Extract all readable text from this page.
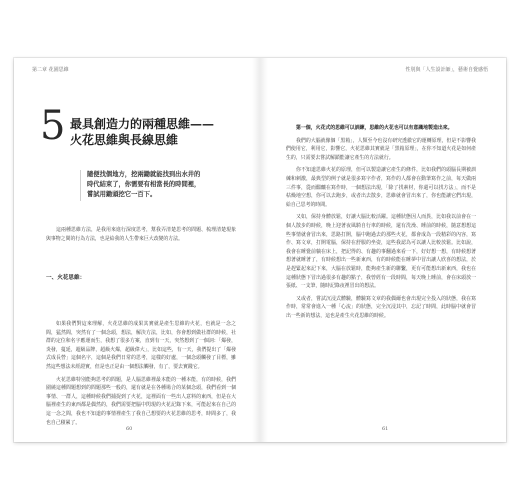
第二章 花園思維
5 最具創造力的兩種思維——
火花思維與長線思維
隨便找個地方，挖兩鋤就能找到出水井的
時代結束了，你需要有相當長的時間裡，
嘗試用鋤頭挖它一百下。

這兩種思維方法，是我用來進行深度思考，幫我弄清楚思考的問題、梳理清楚現象與事物之間的行為方法，也是給我的人生帶來巨大改變的方法。

一、火花思維：

如果我們對這來理解，火花思維的成果其實就是產生思維的火花，也就是一念之間，猛然間，突然有了一個念頭，想法，解決方法，比如，你會想到做社群的時候，社群的定位和名字應運而生，我想了很多方案，直到有一天，突然想到了一個詞：「爆發，炎發，蔓延，超級品牌，超級火爆，超級偉大」，比如這些，有一天，我們提出了「爆發式成長營」這個名字，這個是我們日常的思考，這樣的好處，一個念頭觸發了目標，雖然這些想法未經證實，但是也正是由一個想法觸發，有了，要去實踐它。

火花思維特別能夠思考的問題，是人腦思維裡最本能的一種本能，有的時候，我們圍繞這種問題想到的問題那些一般的，還有就是在各種場合的某個念頭，我們看到一個事情、一群人，這種時候我們捕捉到了火花，這裡面有一些出人意料的東西，但是在大腦裡產生的東西都是偶然的，我們需要把腦中閃現的火花記錄下來，可能起來在自己的這一念之間，我也不知道的事情裡產生了我自己想要的火花思維的思考，時間多了，我也自己積累了。

60
性別與「人生設計師」，藝術自覺感悟

第一個，火花式的思維可以訓練，思維的火花也可以有意識地製造出來。

我們的大腦就像個「黑箱」，人類至今也沒有研究透徹它的運轉原理，但是不影響我們使用它，利用它，影響它，火花思維其實就是「黑箱原理」，在你不知道火花是如何產生的，只需要去嘗試解鎖能讓它產生的方法就行。

你不知道思維火花的原理，但可以製造讓它產生的條件，比如我們的頭腦長期被訓練和刺激，最典型的例子就是很多寫字作者，寫作的人都會在動筆寫作之前，每天做兩三件事，從而醞釀在寫作時，一個想法出現，「除了找素材，你還可以找方法」，而不是枯燥地空想，你可以去跑步，或者出去散步，思維就會冒出來了，你也能讓它們出現，給自己思考的時間。

又如，保持身體放鬆，好讓大腦比較活躍。這種狀態因人而異，比如我以前會在一個人散步的時候，晚上迎著夜風騎自行車的時候，還有洗澡、睡前的時候，隨意想想這些事情就會冒出來，思路打開，腦中跑過去的那些火花，都會成為一段精彩的內容，寫作、寫文章，打開電腦，保持在舒服的坐姿，這些我認為可以讓人比較放鬆。比如說，我會在睡覺前躺在床上，把記得的、有趣的事翻過來看一下，好好想一想，有時候想著想著就睡著了，有時候想出一些新東西，有的時候能在睡夢中冒出讓人欣喜的想法，於是趕緊起來記下來，大腦在放鬆時，能夠產生新的聯繫，更有可能想出新東西，我也在這種狀態下冒出過很多有趣的點子，我曾經有一段時間，每天晚上睡前，會在床頭放一張紙、一支筆，隨時記錄夜裡冒出的想法。

又或者，嘗試沉浸式體驗，體驗寫文章的我偶爾也會出現完全投入的狀態，我在寫作時，常常會進入一種「心流」的狀態，完全沉浸其中，忘記了時間，此時腦中就會冒出一些新的想法，這也是產生火花思維的時候。

61
